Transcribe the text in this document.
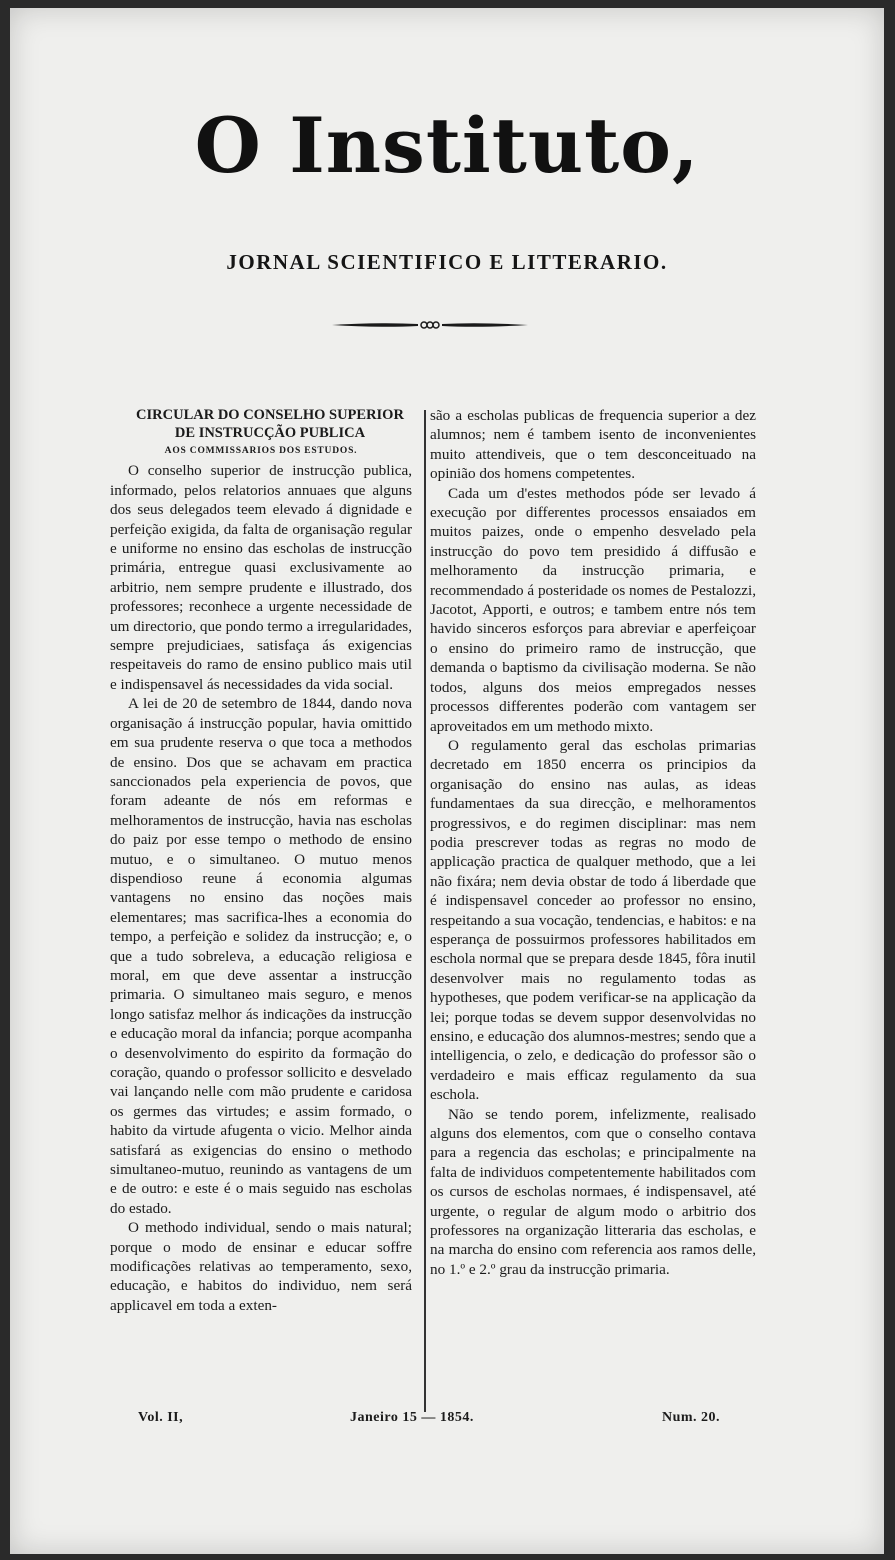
O Instituto,
JORNAL SCIENTIFICO E LITTERARIO.

CIRCULAR DO CONSELHO SUPERIOR

DE INSTRUCÇÃO PUBLICA

AOS COMMISSARIOS DOS ESTUDOS.

O conselho superior de instrucção publica, informado, pelos relatorios annuaes que alguns dos seus delegados teem elevado á dignidade e perfeição exigida, da falta de organisação regular e uniforme no ensino das escholas de instrucção primária, entregue quasi exclusivamente ao arbitrio, nem sempre prudente e illustrado, dos professores; reconhece a urgente necessidade de um directorio, que pondo termo a irregularidades, sempre prejudiciaes, satisfaça ás exigencias respeitaveis do ramo de ensino publico mais util e indispensavel ás necessidades da vida social.

A lei de 20 de setembro de 1844, dando nova organisação á instrucção popular, havia omittido em sua prudente reserva o que toca a methodos de ensino. Dos que se achavam em practica sanccionados pela experiencia de povos, que foram adeante de nós em reformas e melhoramentos de instrucção, havia nas escholas do paiz por esse tempo o methodo de ensino mutuo, e o simultaneo. O mutuo menos dispendioso reune á economia algumas vantagens no ensino das noções mais elementares; mas sacrifica-lhes a economia do tempo, a perfeição e solidez da instrucção; e, o que a tudo sobreleva, a educação religiosa e moral, em que deve assentar a instrucção primaria. O simultaneo mais seguro, e menos longo satisfaz melhor ás indicações da instrucção e educação moral da infancia; porque acompanha o desenvolvimento do espirito da formação do coração, quando o professor sollicito e desvelado vai lançando nelle com mão prudente e caridosa os germes das virtudes; e assim formado, o habito da virtude afugenta o vicio. Melhor ainda satisfará as exigencias do ensino o methodo simultaneo-mutuo, reunindo as vantagens de um e de outro: e este é o mais seguido nas escholas do estado.

O methodo individual, sendo o mais natural; porque o modo de ensinar e educar soffre modificações relativas ao temperamento, sexo, educação, e habitos do individuo, nem será applicavel em toda a exten-

são a escholas publicas de frequencia superior a dez alumnos; nem é tambem isento de inconvenientes muito attendiveis, que o tem desconceituado na opinião dos homens competentes.

Cada um d'estes methodos póde ser levado á execução por differentes processos ensaiados em muitos paizes, onde o empenho desvelado pela instrucção do povo tem presidido á diffusão e melhoramento da instrucção primaria, e recommendado á posteridade os nomes de Pestalozzi, Jacotot, Apporti, e outros; e tambem entre nós tem havido sinceros esforços para abreviar e aperfeiçoar o ensino do primeiro ramo de instrucção, que demanda o baptismo da civilisação moderna. Se não todos, alguns dos meios empregados nesses processos differentes poderão com vantagem ser aproveitados em um methodo mixto.

O regulamento geral das escholas primarias decretado em 1850 encerra os principios da organisação do ensino nas aulas, as ideas fundamentaes da sua direcção, e melhoramentos progressivos, e do regimen disciplinar: mas nem podia prescrever todas as regras no modo de applicação practica de qualquer methodo, que a lei não fixára; nem devia obstar de todo á liberdade que é indispensavel conceder ao professor no ensino, respeitando a sua vocação, tendencias, e habitos: e na esperança de possuirmos professores habilitados em eschola normal que se prepara desde 1845, fôra inutil desenvolver mais no regulamento todas as hypotheses, que podem verificar-se na applicação da lei; porque todas se devem suppor desenvolvidas no ensino, e educação dos alumnos-mestres; sendo que a intelligencia, o zelo, e dedicação do professor são o verdadeiro e mais efficaz regulamento da sua eschola.

Não se tendo porem, infelizmente, realisado alguns dos elementos, com que o conselho contava para a regencia das escholas; e principalmente na falta de individuos competentemente habilitados com os cursos de escholas normaes, é indispensavel, até urgente, o regular de algum modo o arbitrio dos professores na organização litteraria das escholas, e na marcha do ensino com referencia aos ramos delle, no 1.º e 2.º grau da instrucção primaria.

Vol. II,	Janeiro 15 — 1854.	Num. 20.
